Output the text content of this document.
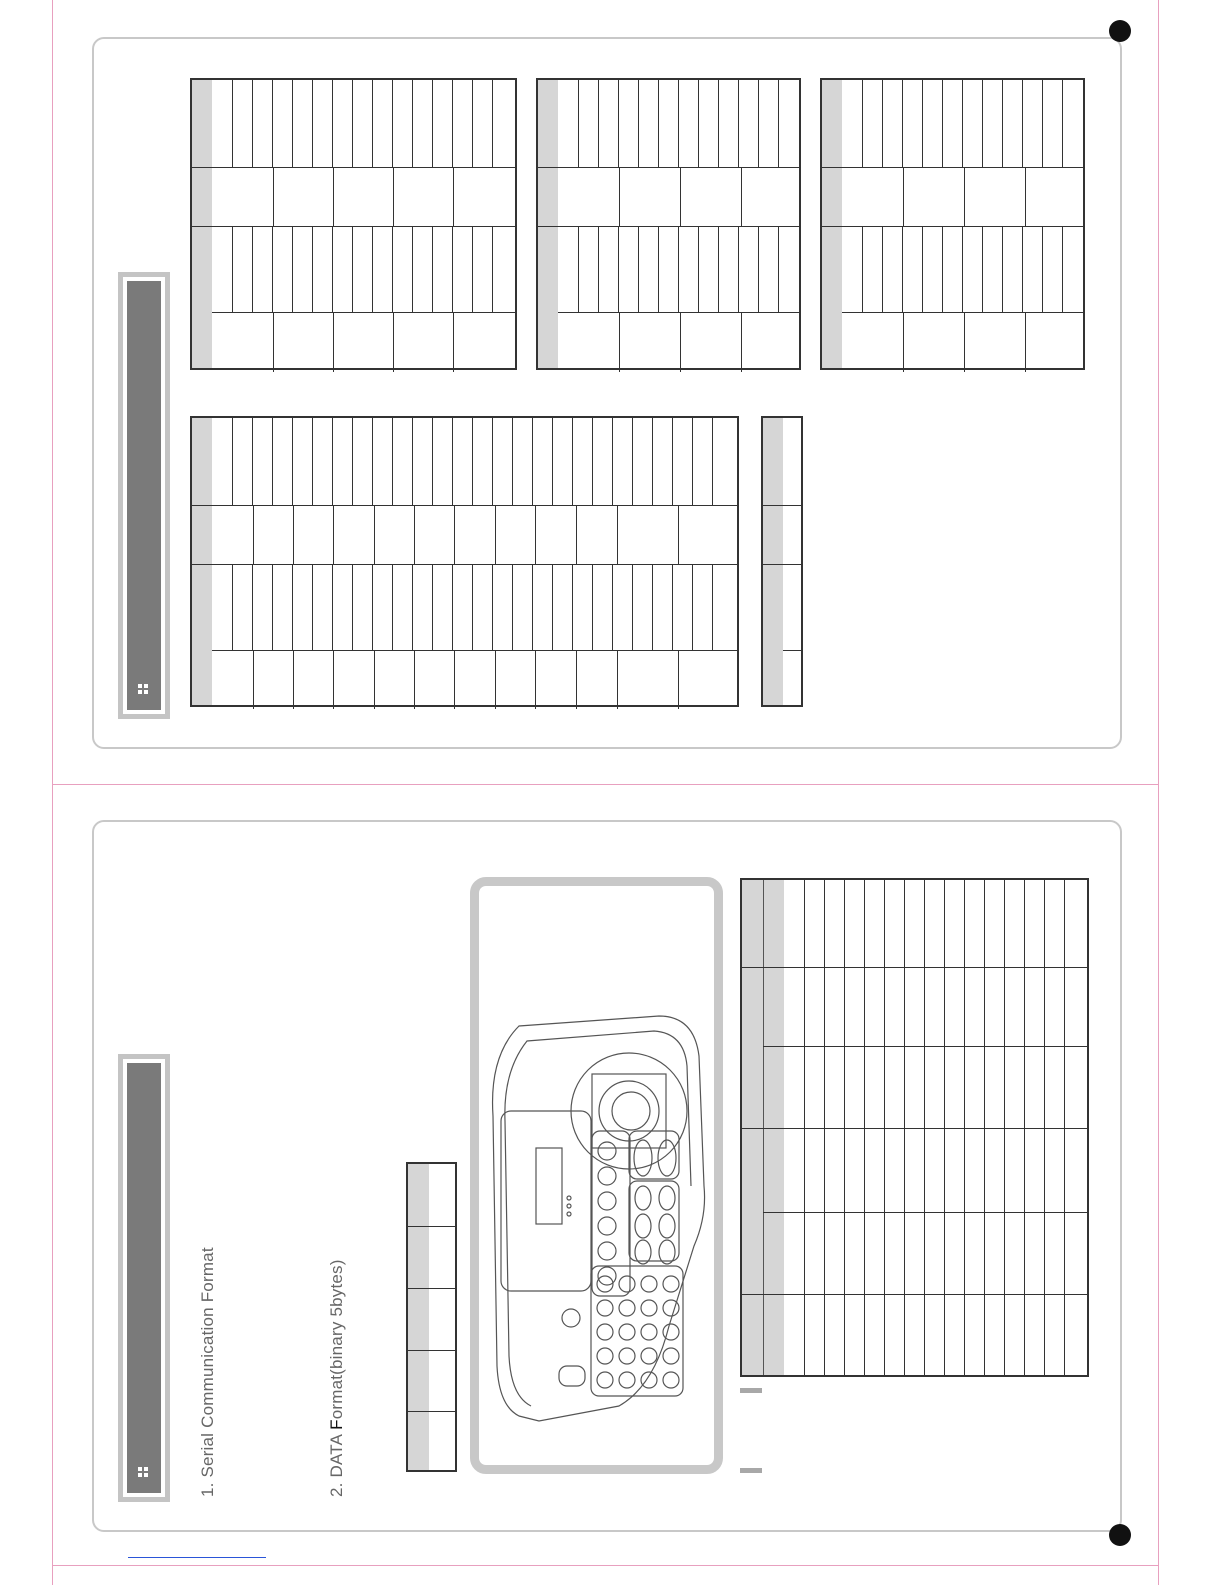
1. Serial Communication Format	2. DATA Format(binary 5bytes)
